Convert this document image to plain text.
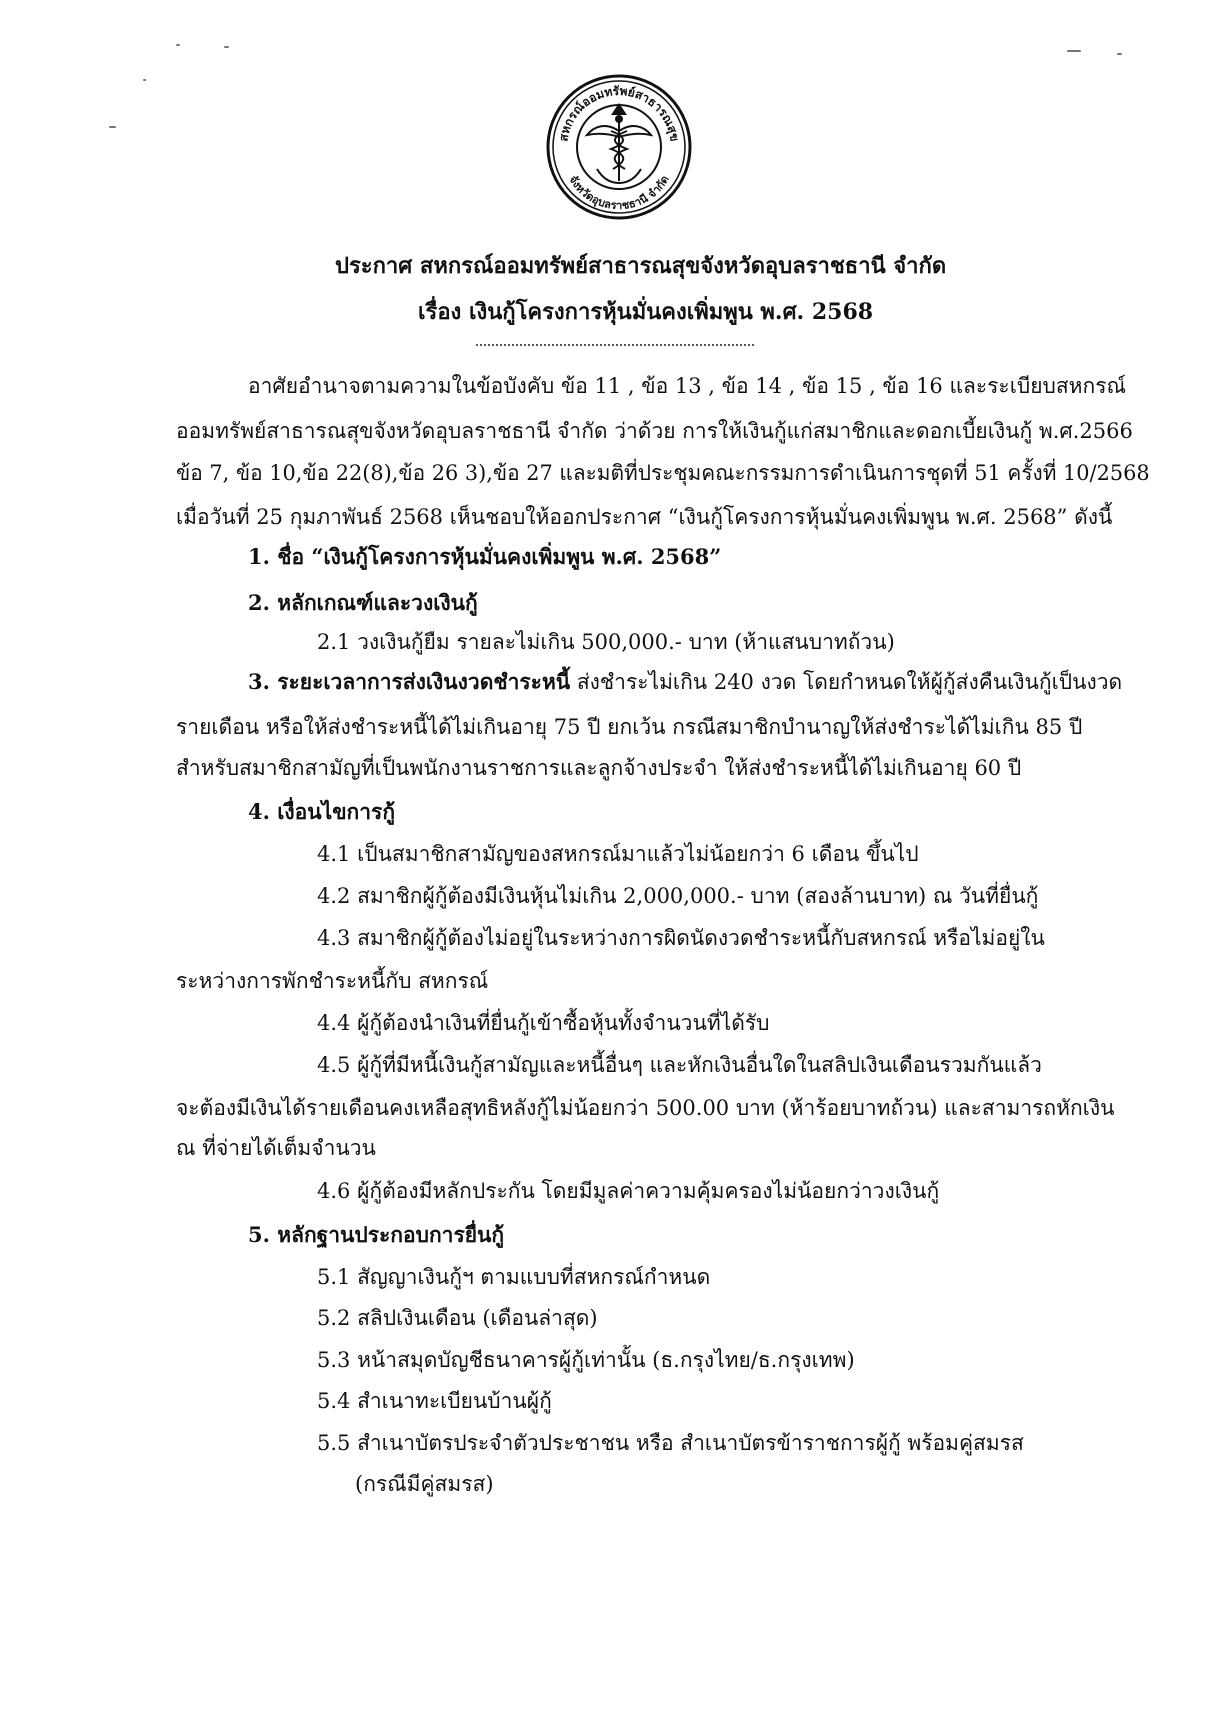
สหกรณ์ออมทรัพย์สาธารณสุข
จังหวัดอุบลราชธานี จำกัด
ประกาศ สหกรณ์ออมทรัพย์สาธารณสุขจังหวัดอุบลราชธานี จำกัด
เรื่อง เงินกู้โครงการหุ้นมั่นคงเพิ่มพูน พ.ศ. 2568
อาศัยอำนาจตามความในข้อบังคับ ข้อ 11 , ข้อ 13 , ข้อ 14 , ข้อ 15 , ข้อ 16 และระเบียบสหกรณ์
ออมทรัพย์สาธารณสุขจังหวัดอุบลราชธานี จำกัด ว่าด้วย การให้เงินกู้แก่สมาชิกและดอกเบี้ยเงินกู้ พ.ศ.2566
ข้อ 7, ข้อ 10,ข้อ 22(8),ข้อ 26 3),ข้อ 27 และมติที่ประชุมคณะกรรมการดำเนินการชุดที่ 51 ครั้งที่ 10/2568
เมื่อวันที่ 25 กุมภาพันธ์ 2568 เห็นชอบให้ออกประกาศ “เงินกู้โครงการหุ้นมั่นคงเพิ่มพูน พ.ศ. 2568” ดังนี้
1. ชื่อ “เงินกู้โครงการหุ้นมั่นคงเพิ่มพูน พ.ศ. 2568”
2. หลักเกณฑ์และวงเงินกู้
2.1 วงเงินกู้ยืม รายละไม่เกิน 500,000.- บาท (ห้าแสนบาทถ้วน)
3. ระยะเวลาการส่งเงินงวดชำระหนี้ ส่งชำระไม่เกิน 240 งวด โดยกำหนดให้ผู้กู้ส่งคืนเงินกู้เป็นงวด
รายเดือน หรือให้ส่งชำระหนี้ได้ไม่เกินอายุ 75 ปี ยกเว้น กรณีสมาชิกบำนาญให้ส่งชำระได้ไม่เกิน 85 ปี
สำหรับสมาชิกสามัญที่เป็นพนักงานราชการและลูกจ้างประจำ ให้ส่งชำระหนี้ได้ไม่เกินอายุ 60 ปี
4. เงื่อนไขการกู้
4.1 เป็นสมาชิกสามัญของสหกรณ์มาแล้วไม่น้อยกว่า 6 เดือน ขึ้นไป
4.2 สมาชิกผู้กู้ต้องมีเงินหุ้นไม่เกิน 2,000,000.- บาท (สองล้านบาท) ณ วันที่ยื่นกู้
4.3 สมาชิกผู้กู้ต้องไม่อยู่ในระหว่างการผิดนัดงวดชำระหนี้กับสหกรณ์ หรือไม่อยู่ใน
ระหว่างการพักชำระหนี้กับ สหกรณ์
4.4 ผู้กู้ต้องนำเงินที่ยื่นกู้เข้าซื้อหุ้นทั้งจำนวนที่ได้รับ
4.5 ผู้กู้ที่มีหนี้เงินกู้สามัญและหนี้อื่นๆ และหักเงินอื่นใดในสลิปเงินเดือนรวมกันแล้ว
จะต้องมีเงินได้รายเดือนคงเหลือสุทธิหลังกู้ไม่น้อยกว่า 500.00 บาท (ห้าร้อยบาทถ้วน) และสามารถหักเงิน
ณ ที่จ่ายได้เต็มจำนวน
4.6 ผู้กู้ต้องมีหลักประกัน โดยมีมูลค่าความคุ้มครองไม่น้อยกว่าวงเงินกู้
5. หลักฐานประกอบการยื่นกู้
5.1 สัญญาเงินกู้ฯ ตามแบบที่สหกรณ์กำหนด
5.2 สลิปเงินเดือน (เดือนล่าสุด)
5.3 หน้าสมุดบัญชีธนาคารผู้กู้เท่านั้น (ธ.กรุงไทย/ธ.กรุงเทพ)
5.4 สำเนาทะเบียนบ้านผู้กู้
5.5 สำเนาบัตรประจำตัวประชาชน หรือ สำเนาบัตรข้าราชการผู้กู้ พร้อมคู่สมรส
(กรณีมีคู่สมรส)
